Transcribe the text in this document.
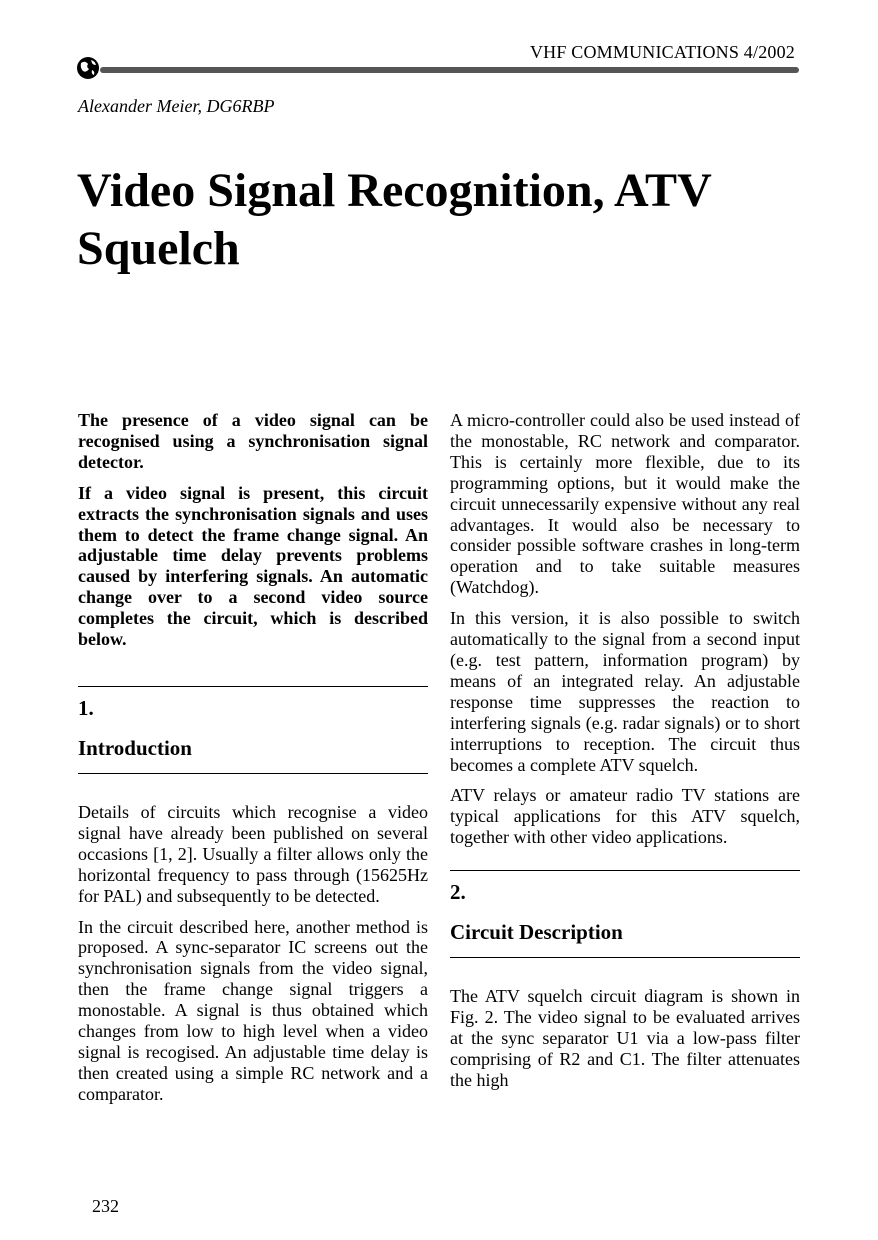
VHF COMMUNICATIONS 4/2002
Alexander Meier, DG6RBP
Video Signal Recognition, ATV Squelch

The presence of a video signal can be recognised using a synchronisation signal detector.

If a video signal is present, this circuit extracts the synchronisation signals and uses them to detect the frame change signal. An adjustable time delay prevents problems caused by interfering signals. An automatic change over to a second video source completes the circuit, which is described below.

1.
Introduction

Details of circuits which recognise a video signal have already been published on several occasions [1, 2]. Usually a filter allows only the horizontal frequency to pass through (15625Hz for PAL) and subsequently to be detected.

In the circuit described here, another method is proposed. A sync-separator IC screens out the synchronisation signals from the video signal, then the frame change signal triggers a monostable. A signal is thus obtained which changes from low to high level when a video signal is recogised. An adjustable time delay is then created using a simple RC network and a comparator.

A micro-controller could also be used instead of the monostable, RC network and comparator. This is certainly more flexible, due to its programming options, but it would make the circuit unnecessarily expensive without any real advantages. It would also be necessary to consider possible software crashes in long-term operation and to take suitable measures (Watchdog).

In this version, it is also possible to switch automatically to the signal from a second input (e.g. test pattern, information program) by means of an integrated relay. An adjustable response time suppresses the reaction to interfering signals (e.g. radar signals) or to short interruptions to reception. The circuit thus becomes a complete ATV squelch.

ATV relays or amateur radio TV stations are typical applications for this ATV squelch, together with other video applications.

2.
Circuit Description

The ATV squelch circuit diagram is shown in Fig. 2. The video signal to be evaluated arrives at the sync separator U1 via a low-pass filter comprising of R2 and C1. The filter attenuates the high

232
